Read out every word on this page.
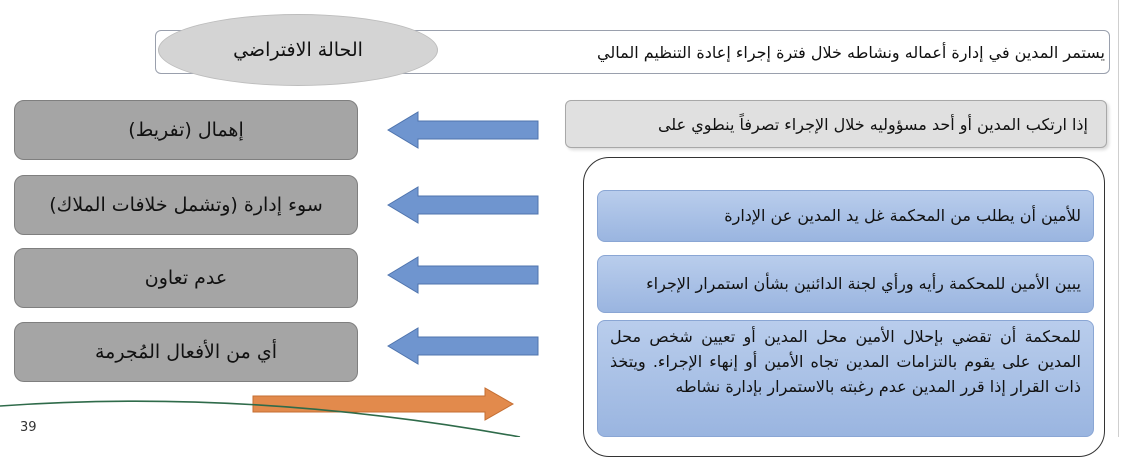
يستمر المدين في إدارة أعماله ونشاطه خلال فترة إجراء إعادة التنظيم المالي
الحالة الافتراضي
إذا ارتكب المدين أو أحد مسؤوليه خلال الإجراء تصرفاً ينطوي على
إهمال (تفريط)
سوء إدارة (وتشمل خلافات الملاك)
عدم تعاون
أي من الأفعال المُجرمة
للأمين أن يطلب من المحكمة غل يد المدين عن الإدارة
يبين الأمين للمحكمة رأيه ورأي لجنة الدائنين بشأن استمرار الإجراء
للمحكمة أن تقضي بإحلال الأمين محل المدين أو تعيين شخص محل المدين على يقوم بالتزامات المدين تجاه الأمين أو إنهاء الإجراء. ويتخذ ذات القرار إذا قرر المدين عدم رغبته بالاستمرار بإدارة نشاطه
39
